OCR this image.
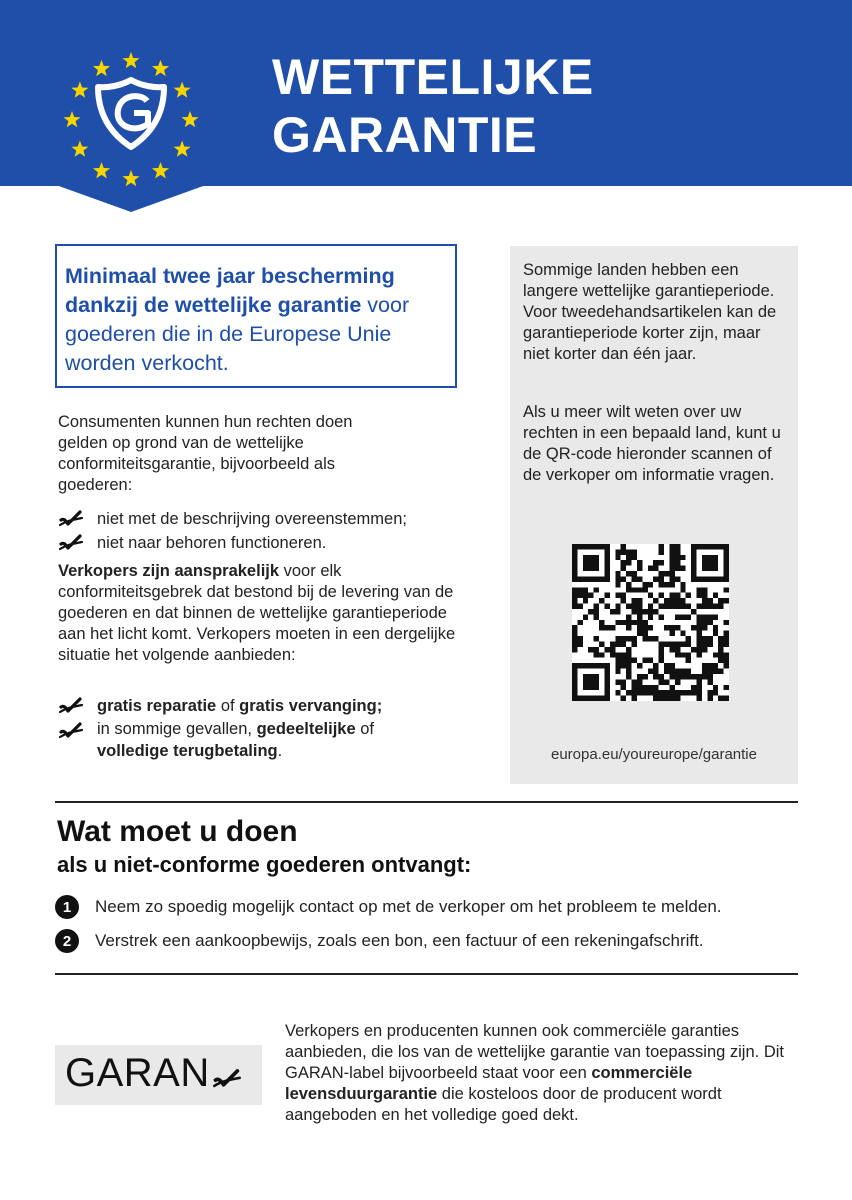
WETTELIJKE
GARANTIE
Minimaal twee jaar bescherming dankzij de wettelijke garantie voor goederen die in de Europese Unie worden verkocht.
Consumenten kunnen hun rechten doen gelden op grond van de wettelijke conformiteitsgarantie, bijvoorbeeld als goederen:
niet met de beschrijving overeenstemmen;
niet naar behoren functioneren.
Verkopers zijn aansprakelijk voor elk conformiteitsgebrek dat bestond bij de levering van de goederen en dat binnen de wettelijke garantieperiode aan het licht komt. Verkopers moeten in een dergelijke situatie het volgende aanbieden:
gratis reparatie of gratis vervanging;
in sommige gevallen, gedeeltelijke of
volledige terugbetaling.
Sommige landen hebben een langere wettelijke garantieperiode. Voor tweedehandsartikelen kan de garantieperiode korter zijn, maar niet korter dan één jaar.
Als u meer wilt weten over uw rechten in een bepaald land, kunt u de QR-code hieronder scannen of de verkoper om informatie vragen.
europa.eu/youreurope/garantie
Wat moet u doen
als u niet-conforme goederen ontvangt:
1	Neem zo spoedig mogelijk contact op met de verkoper om het probleem te melden.
2	Verstrek een aankoopbewijs, zoals een bon, een factuur of een rekeningafschrift.
GARAN
Verkopers en producenten kunnen ook commerciële garanties aanbieden, die los van de wettelijke garantie van toepassing zijn. Dit GARAN-label bijvoorbeeld staat voor een commerciële levensduurgarantie die kosteloos door de producent wordt aangeboden en het volledige goed dekt.
